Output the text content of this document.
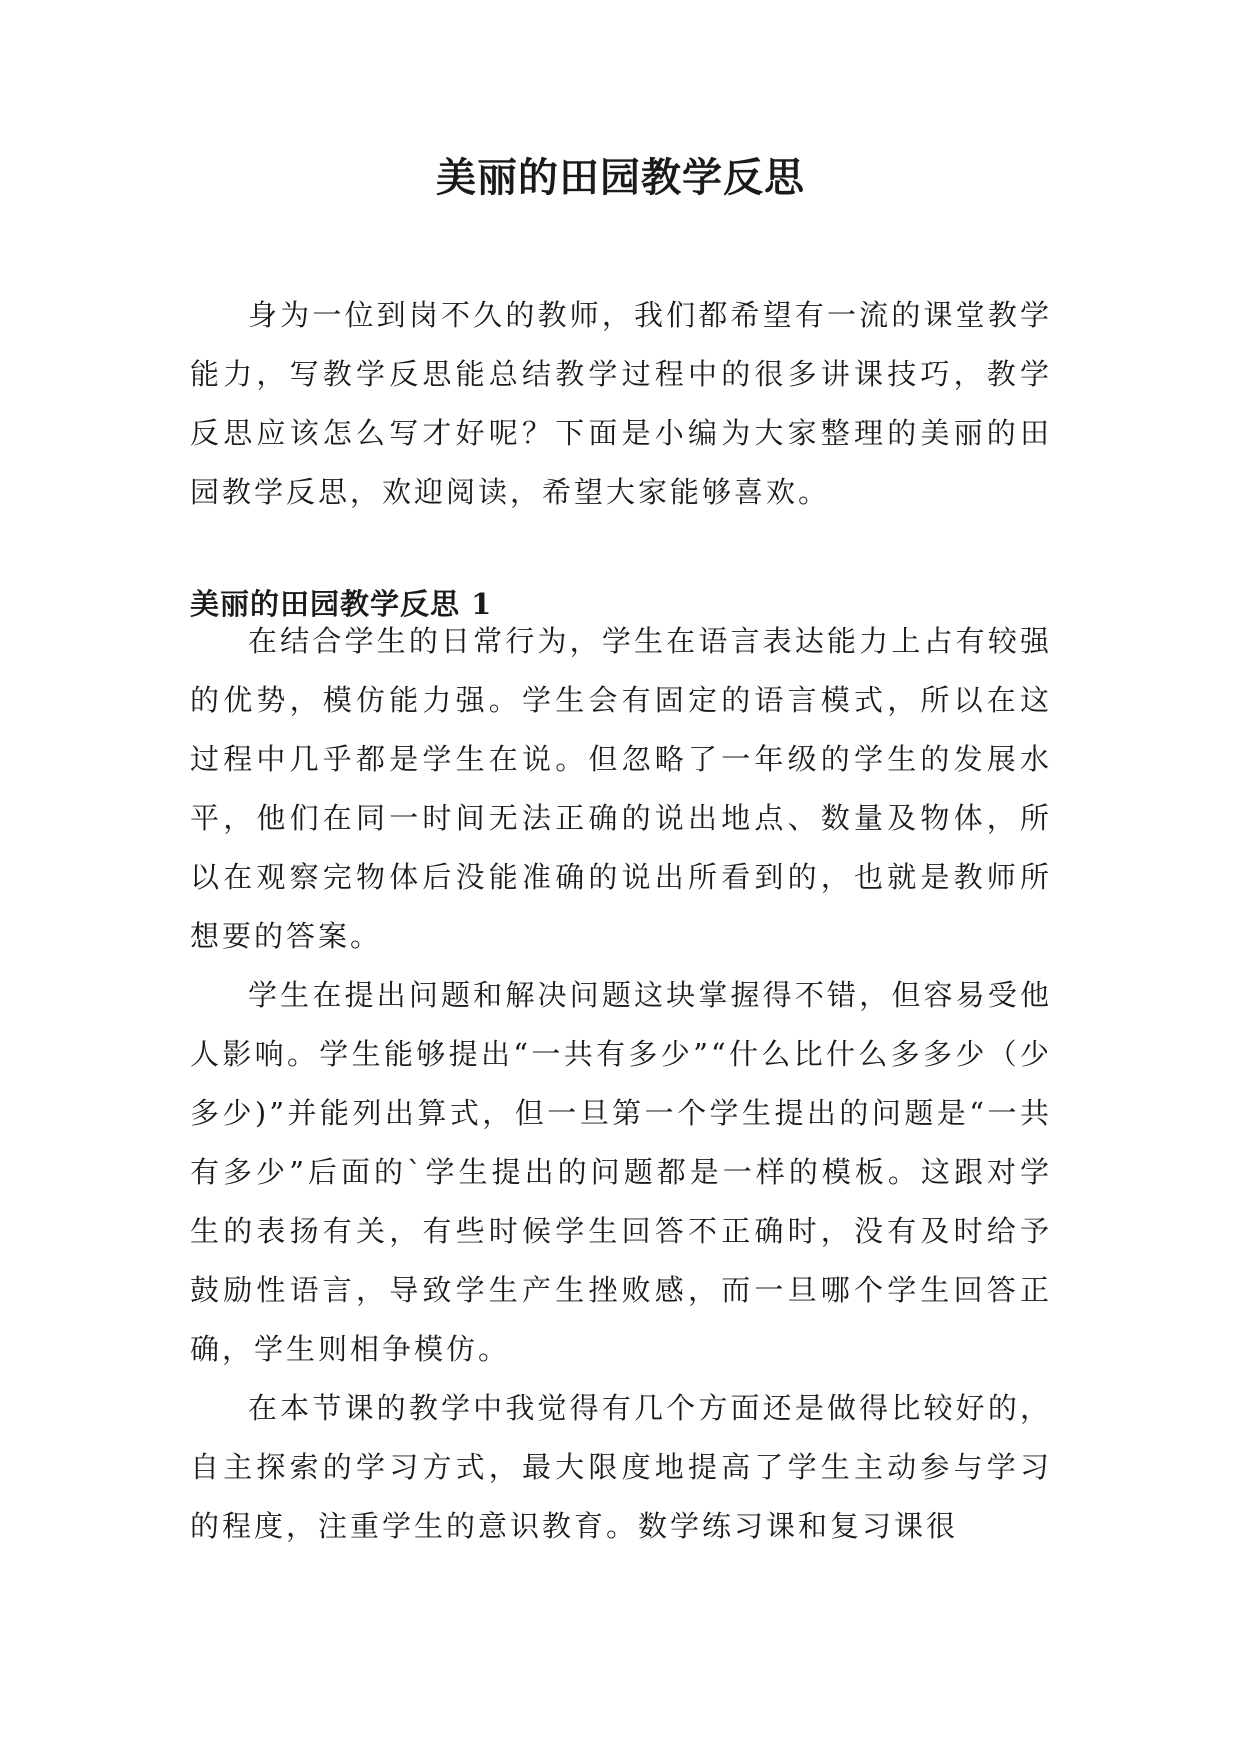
美丽的田园教学反思

身为一位到岗不久的教师，我们都希望有一流的课堂教学能力，写教学反思能总结教学过程中的很多讲课技巧，教学反思应该怎么写才好呢？下面是小编为大家整理的美丽的田园教学反思，欢迎阅读，希望大家能够喜欢。

美丽的田园教学反思 1

在结合学生的日常行为，学生在语言表达能力上占有较强的优势，模仿能力强。学生会有固定的语言模式，所以在这过程中几乎都是学生在说。但忽略了一年级的学生的发展水平，他们在同一时间无法正确的说出地点、数量及物体，所以在观察完物体后没能准确的说出所看到的，也就是教师所想要的答案。

学生在提出问题和解决问题这块掌握得不错，但容易受他人影响。学生能够提出“一共有多少”“什么比什么多多少（少多少)”并能列出算式，但一旦第一个学生提出的问题是“一共有多少”后面的`学生提出的问题都是一样的模板。这跟对学生的表扬有关，有些时候学生回答不正确时，没有及时给予鼓励性语言，导致学生产生挫败感，而一旦哪个学生回答正确，学生则相争模仿。

在本节课的教学中我觉得有几个方面还是做得比较好的，自主探索的学习方式，最大限度地提高了学生主动参与学习的程度，注重学生的意识教育。数学练习课和复习课很
